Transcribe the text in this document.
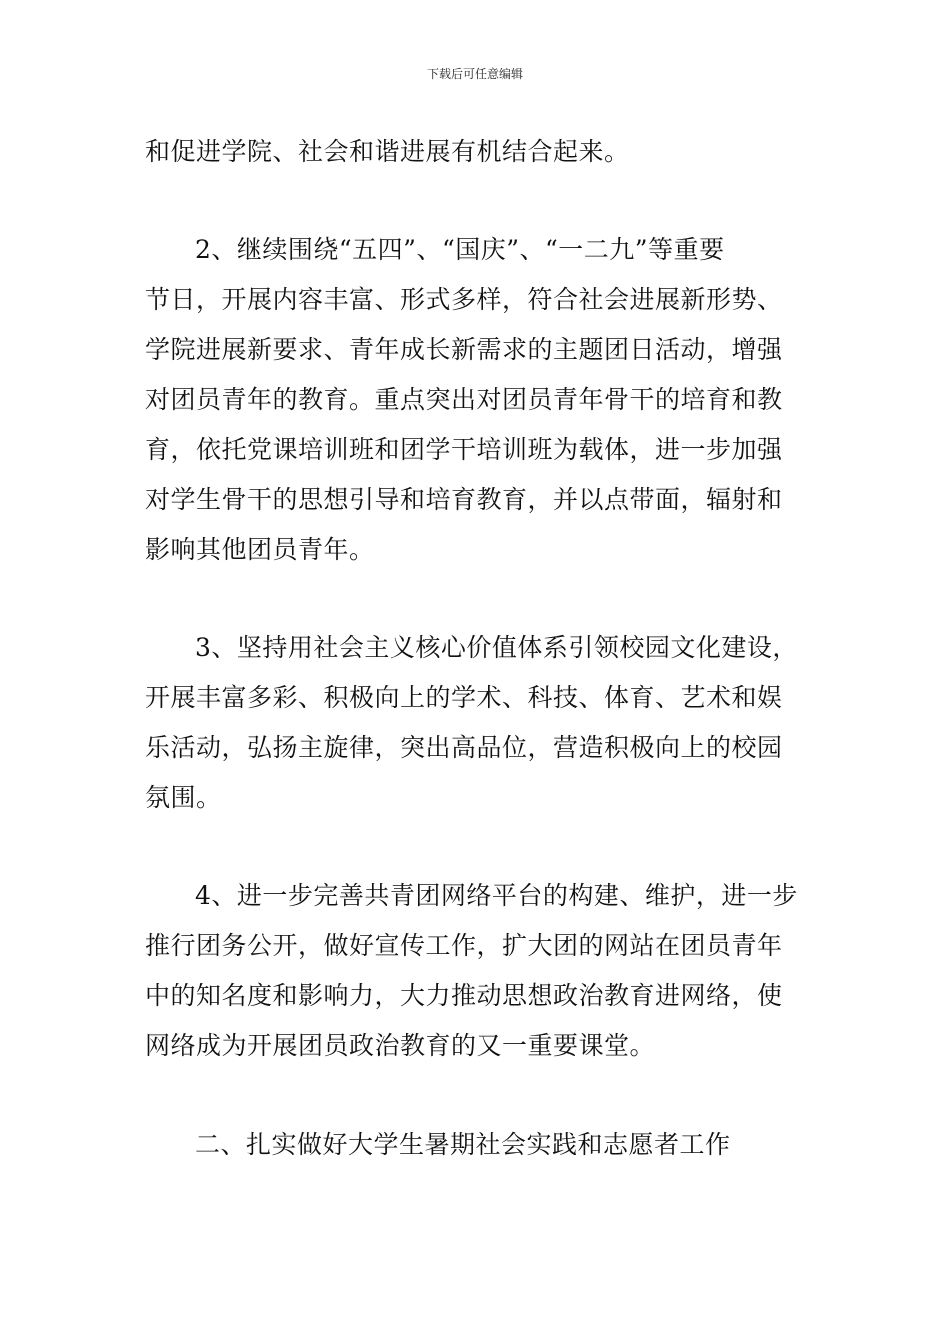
下载后可任意编辑

和促进学院、社会和谐进展有机结合起来。

2、继续围绕“五四”、“国庆”、“一二九”等重要
节日，开展内容丰富、形式多样，符合社会进展新形势、
学院进展新要求、青年成长新需求的主题团日活动，增强
对团员青年的教育。重点突出对团员青年骨干的培育和教
育，依托党课培训班和团学干培训班为载体，进一步加强
对学生骨干的思想引导和培育教育，并以点带面，辐射和
影响其他团员青年。

3、坚持用社会主义核心价值体系引领校园文化建设，
开展丰富多彩、积极向上的学术、科技、体育、艺术和娱
乐活动，弘扬主旋律，突出高品位，营造积极向上的校园
氛围。

4、进一步完善共青团网络平台的构建、维护，进一步
推行团务公开，做好宣传工作，扩大团的网站在团员青年
中的知名度和影响力，大力推动思想政治教育进网络，使
网络成为开展团员政治教育的又一重要课堂。

二、扎实做好大学生暑期社会实践和志愿者工作
